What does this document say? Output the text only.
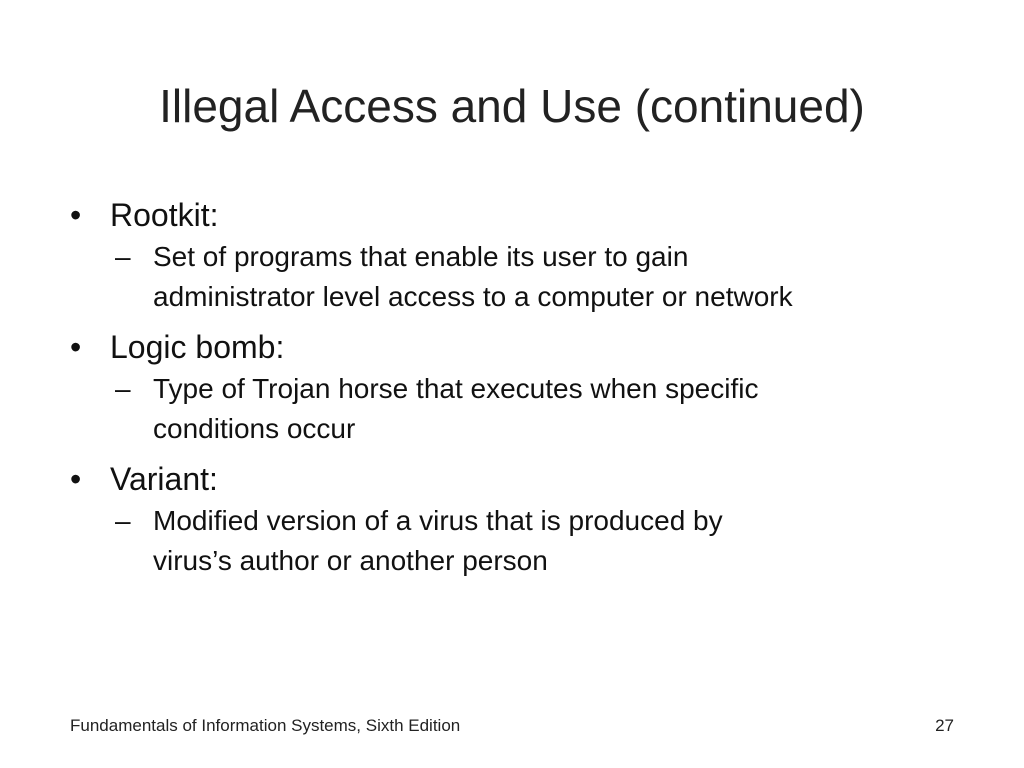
Illegal Access and Use (continued)
• Rootkit:
– Set of programs that enable its user to gain
administrator level access to a computer or network
• Logic bomb:
– Type of Trojan horse that executes when specific
conditions occur
• Variant:
– Modified version of a virus that is produced by
virus’s author or another person
Fundamentals of Information Systems, Sixth Edition	27
